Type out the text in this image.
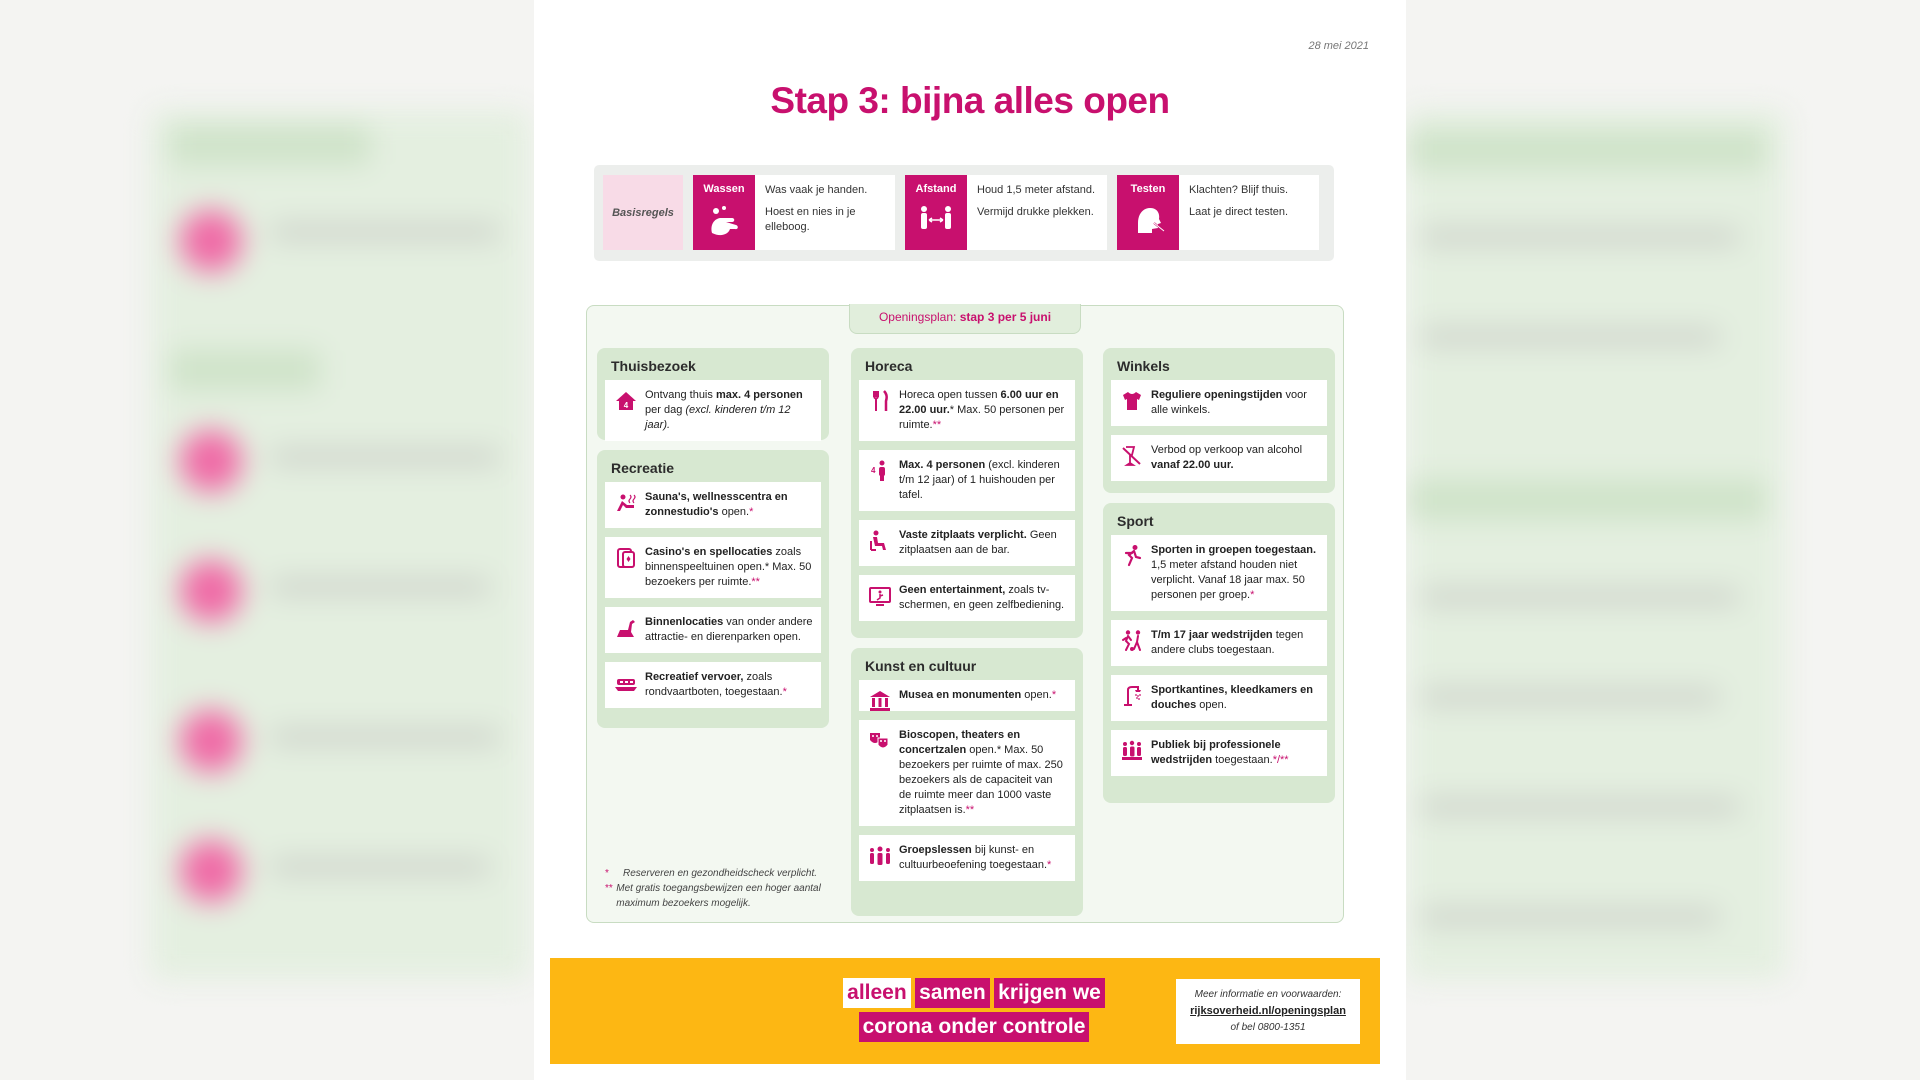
28 mei 2021
Stap 3: bijna alles open
Basisregels
Wassen	Was vaak je handen.

Hoest en nies in je elleboog.

Afstand	Houd 1,5 meter afstand.

Vermijd drukke plekken.

Testen	Klachten? Blijf thuis.

Laat je direct testen.

Openingsplan: stap 3 per 5 juni
Thuisbezoek
4
Ontvang thuis max. 4 personen per dag (excl. kinderen t/m 12 jaar).
Recreatie
Sauna's, wellnesscentra en zonnestudio's open.*
Casino's en spellocaties zoals binnenspeeltuinen open.* Max. 50 bezoekers per ruimte.**
Binnenlocaties van onder andere attractie- en dierenparken open.
Recreatief vervoer, zoals rondvaartboten, toegestaan.*
* Reserveren en gezondheidscheck verplicht.
** Met gratis toegangsbewijzen een hoger aantal maximum bezoekers mogelijk.
Horeca
Horeca open tussen 6.00 uur en 22.00 uur.* Max. 50 personen per ruimte.**
4 Max. 4 personen (excl. kinderen t/m 12 jaar) of 1 huishouden per tafel.
Vaste zitplaats verplicht. Geen zitplaatsen aan de bar.
Geen entertainment, zoals tv-schermen, en geen zelfbediening.
Kunst en cultuur
Musea en monumenten open.*
Bioscopen, theaters en concertzalen open.* Max. 50 bezoekers per ruimte of max. 250 bezoekers als de capaciteit van de ruimte meer dan 1000 vaste zitplaatsen is.**
Groepslessen bij kunst- en cultuurbeoefening toegestaan.*
Winkels
Reguliere openingstijden voor alle winkels.
Verbod op verkoop van alcohol vanaf 22.00 uur.
Sport
Sporten in groepen toegestaan. 1,5 meter afstand houden niet verplicht. Vanaf 18 jaar max. 50 personen per groep.*
T/m 17 jaar wedstrijden tegen andere clubs toegestaan.
Sportkantines, kleedkamers en douches open.
Publiek bij professionele wedstrijden toegestaan.*/**
alleen samen krijgen we
corona onder controle
Meer informatie en voorwaarden:
rijksoverheid.nl/openingsplan
of bel 0800-1351
